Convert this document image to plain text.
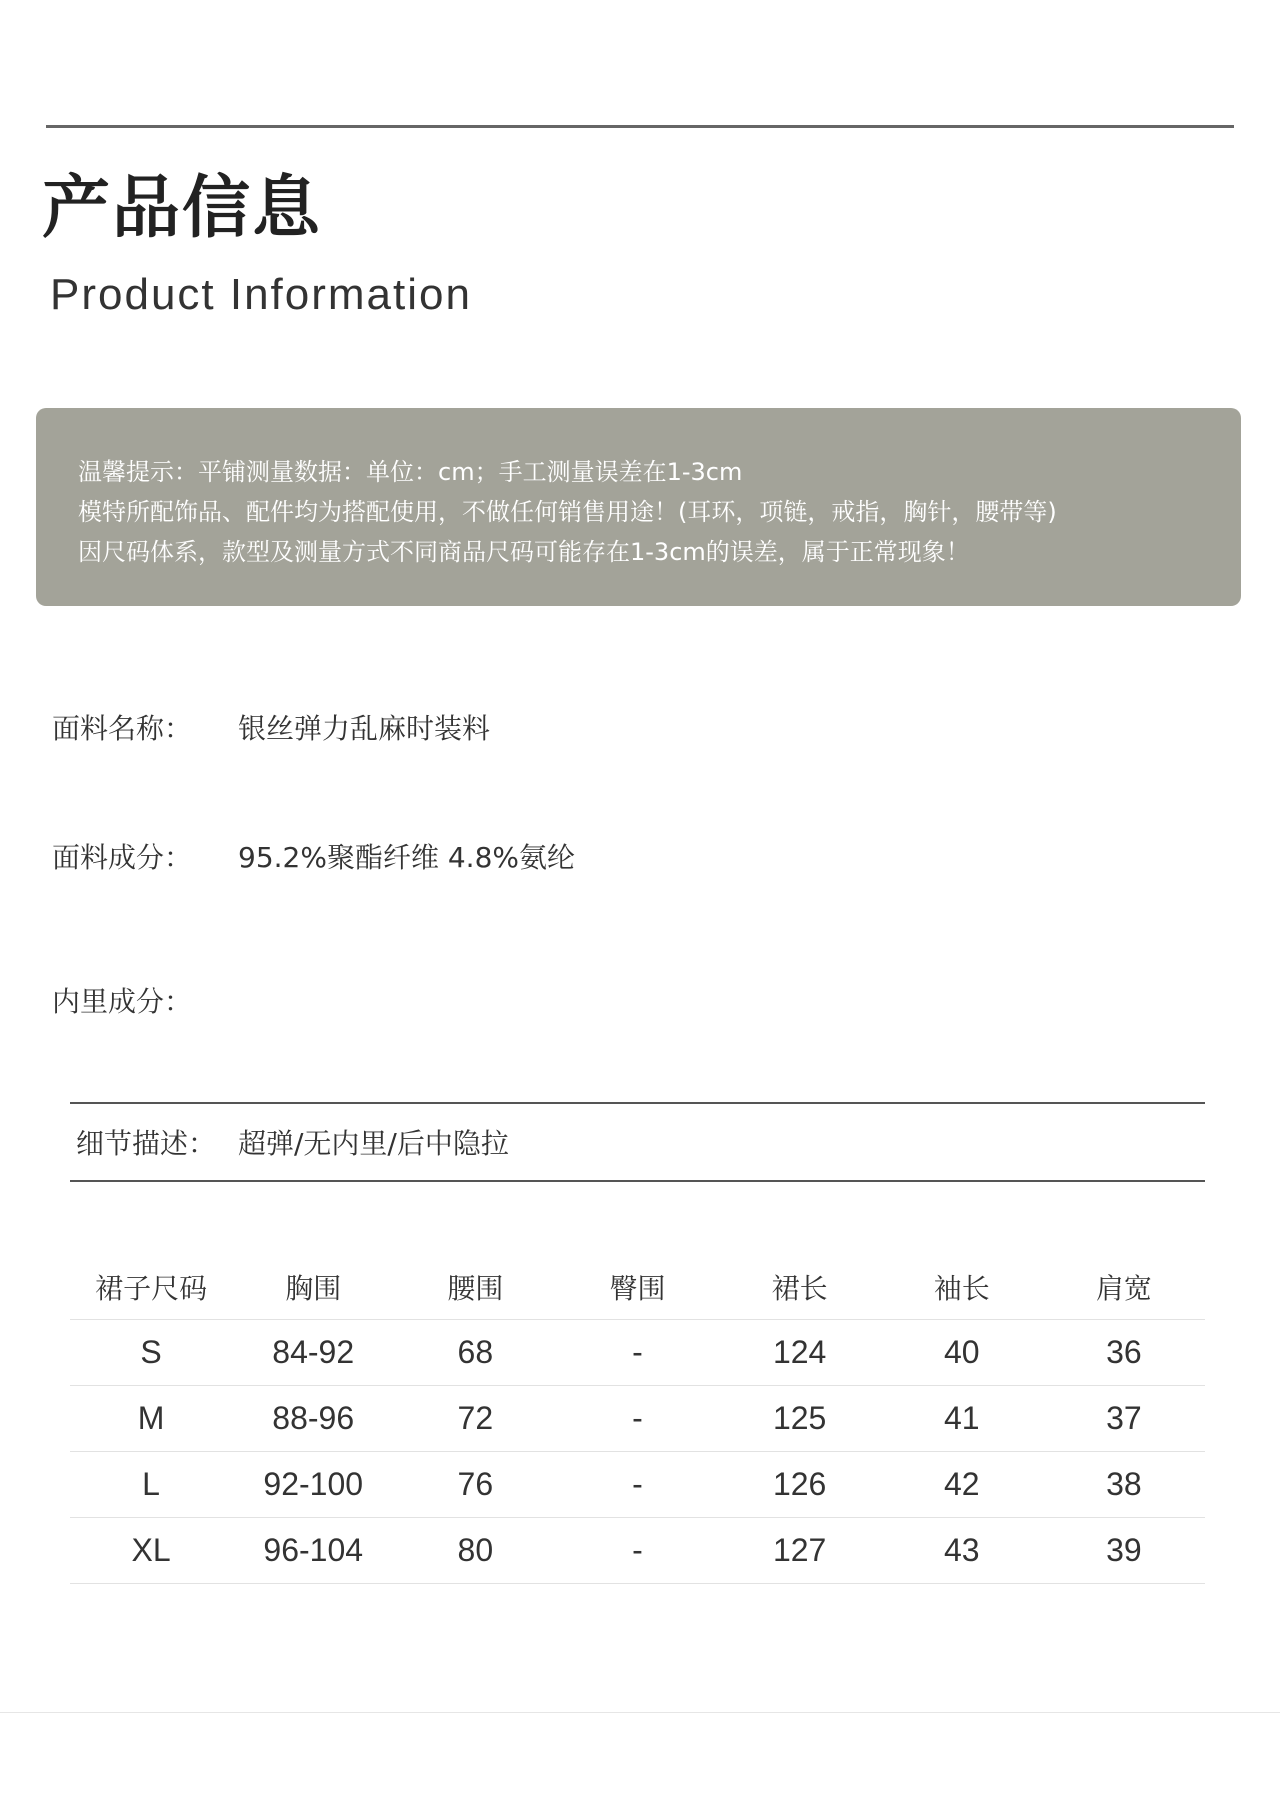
产品信息
Product Information
温馨提示：平铺测量数据：单位：cm；手工测量误差在1-3cm
模特所配饰品、配件均为搭配使用，不做任何销售用途！(耳环，项链，戒指，胸针，腰带等)
因尺码体系，款型及测量方式不同商品尺码可能存在1-3cm的误差，属于正常现象！
面料名称： 银丝弹力乱麻时装料
面料成分： 95.2%聚酯纤维 4.8%氨纶
内里成分：
细节描述： 超弹/无内里/后中隐拉
裙子尺码	胸围	腰围	臀围	裙长	袖长	肩宽
S	84-92	68	-	124	40	36
M	88-96	72	-	125	41	37
L	92-100	76	-	126	42	38
XL	96-104	80	-	127	43	39
